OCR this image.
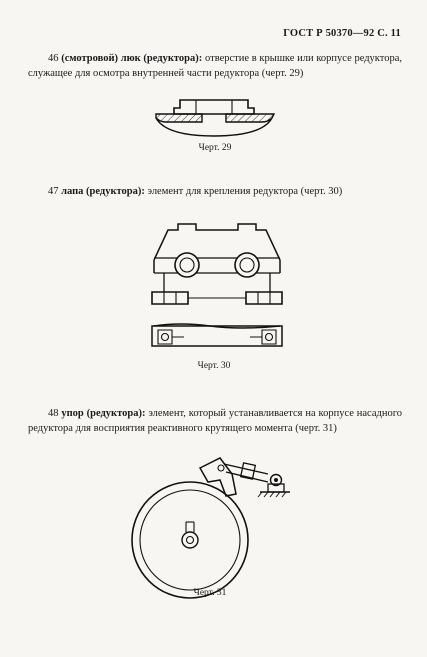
ГОСТ Р 50370—92 С. 11

46 (смотровой) люк (редуктора): отверстие в крышке или корпусе редуктора, служащее для осмотра внутренней части редуктора (черт. 29)

Черт. 29

47 лапа (редуктора): элемент для крепления редуктора (черт. 30)

Черт. 30

48 упор (редуктора): элемент, который устанавливается на корпусе насадного редуктора для восприятия реактивного крутящего момента (черт. 31)

Черт. 31
